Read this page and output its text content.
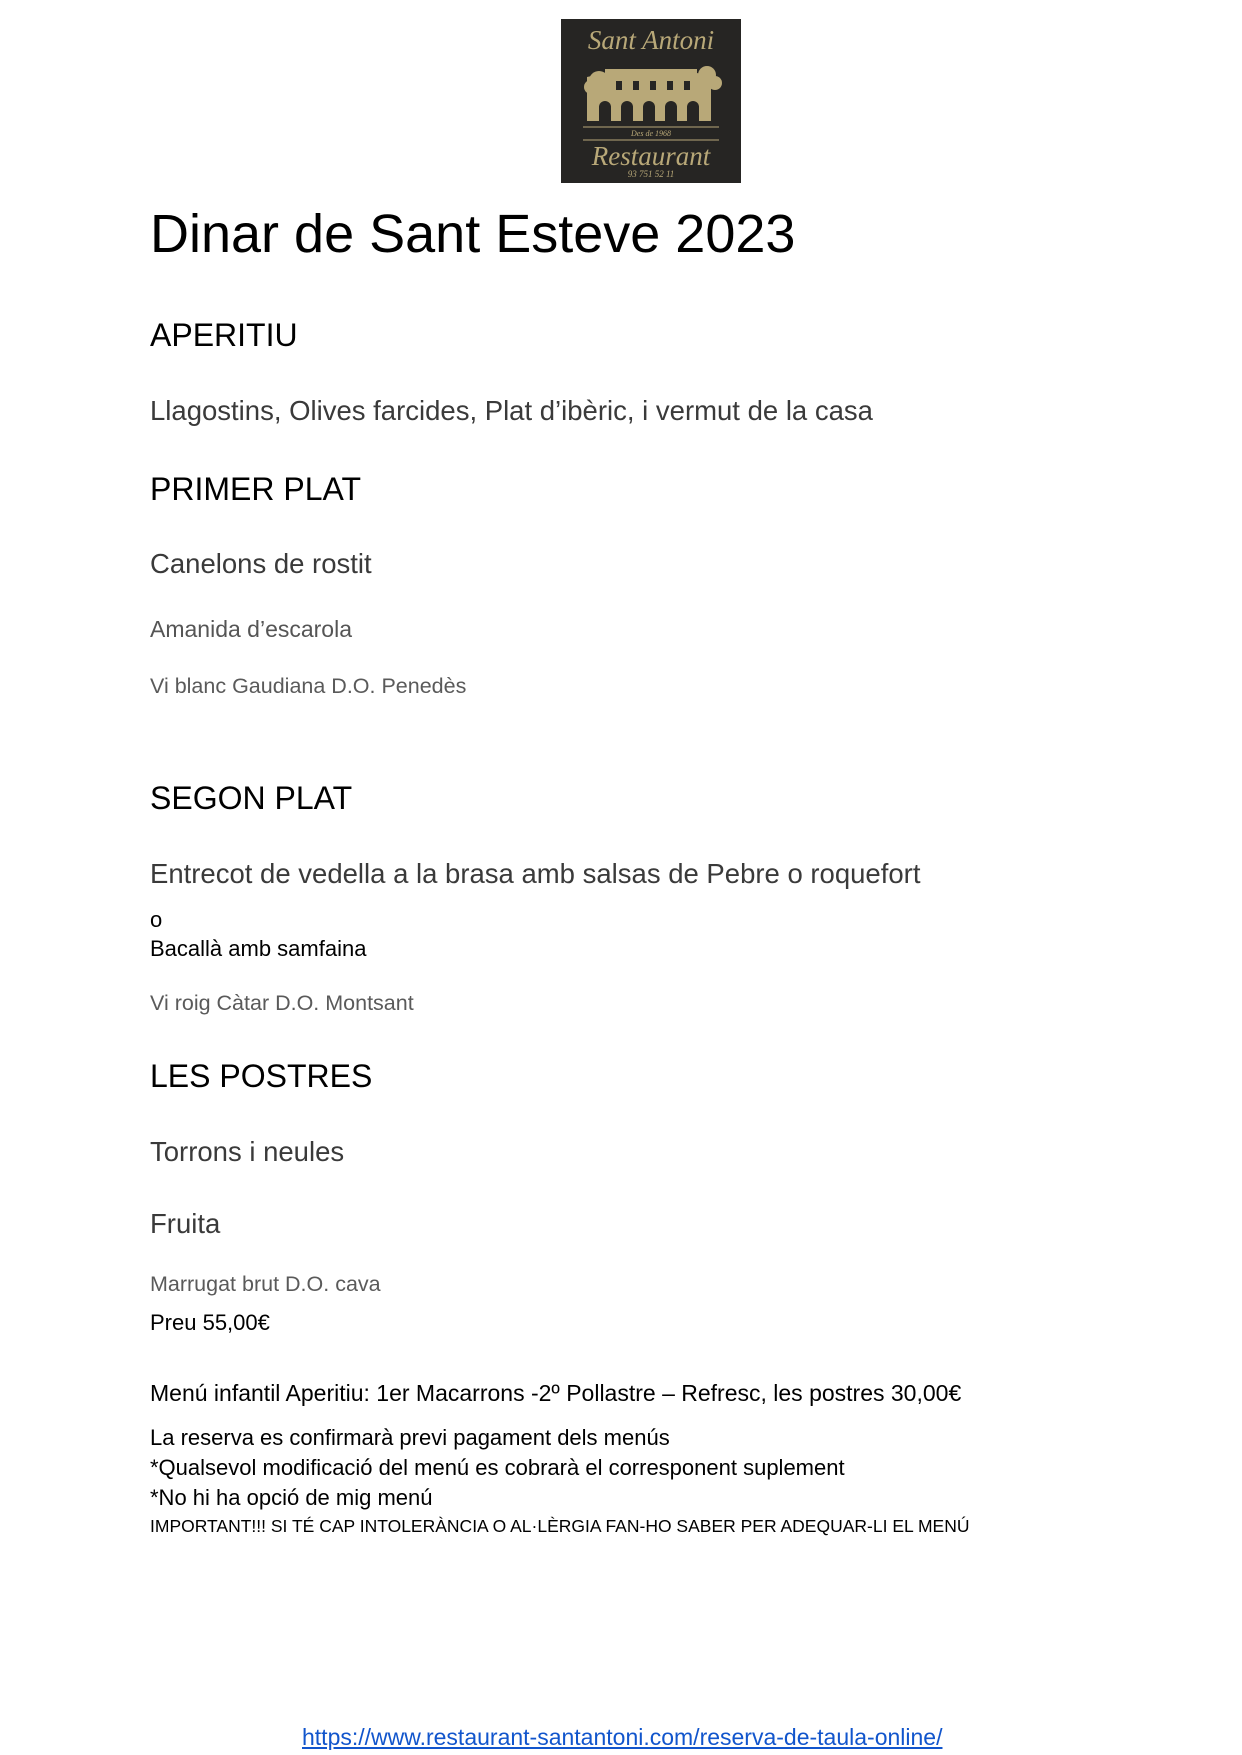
Sant Antoni
Des de 1968
Restaurant
93 751 52 11
Dinar de Sant Esteve 2023
APERITIU
Llagostins, Olives farcides, Plat d’ibèric, i vermut de la casa
PRIMER PLAT
Canelons de rostit
Amanida d’escarola
Vi blanc Gaudiana D.O. Penedès
SEGON PLAT
Entrecot de vedella a la brasa amb salsas de Pebre o roquefort
o
Bacallà amb samfaina
Vi roig Càtar D.O. Montsant
LES POSTRES
Torrons i neules
Fruita
Marrugat brut D.O. cava
Preu 55,00€
Menú infantil Aperitiu: 1er Macarrons -2º Pollastre – Refresc, les postres 30,00€
La reserva es confirmarà previ pagament dels menús
*Qualsevol modificació del menú es cobrarà el corresponent suplement
*No hi ha opció de mig menú
IMPORTANT!!! SI TÉ CAP INTOLERÀNCIA O AL·LÈRGIA FAN-HO SABER PER ADEQUAR-LI EL MENÚ
https://www.restaurant-santantoni.com/reserva-de-taula-online/
